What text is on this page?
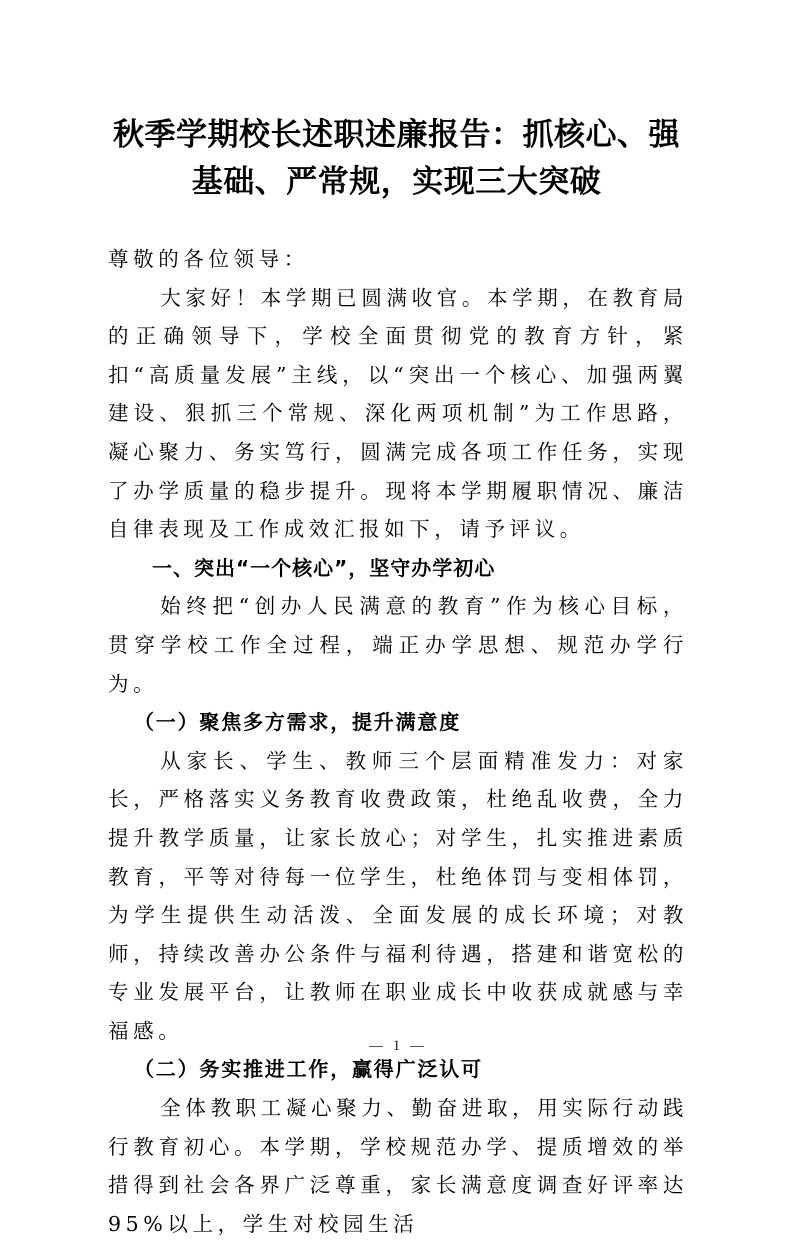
秋季学期校长述职述廉报告：抓核心、强
基础、严常规，实现三大突破

尊敬的各位领导：

大家好！本学期已圆满收官。本学期，在教育局的正确领导下，学校全面贯彻党的教育方针，紧扣“高质量发展”主线，以“突出一个核心、加强两翼建设、狠抓三个常规、深化两项机制”为工作思路，凝心聚力、务实笃行，圆满完成各项工作任务，实现了办学质量的稳步提升。现将本学期履职情况、廉洁自律表现及工作成效汇报如下，请予评议。

一、突出“一个核心”，坚守办学初心

始终把“创办人民满意的教育”作为核心目标，贯穿学校工作全过程，端正办学思想、规范办学行为。

（一）聚焦多方需求，提升满意度

从家长、学生、教师三个层面精准发力：对家长，严格落实义务教育收费政策，杜绝乱收费，全力提升教学质量，让家长放心；对学生，扎实推进素质教育，平等对待每一位学生，杜绝体罚与变相体罚，为学生提供生动活泼、全面发展的成长环境；对教师，持续改善办公条件与福利待遇，搭建和谐宽松的专业发展平台，让教师在职业成长中收获成就感与幸福感。

（二）务实推进工作，赢得广泛认可

全体教职工凝心聚力、勤奋进取，用实际行动践行教育初心。本学期，学校规范办学、提质增效的举措得到社会各界广泛尊重，家长满意度调查好评率达95%以上，学生对校园生活

1
